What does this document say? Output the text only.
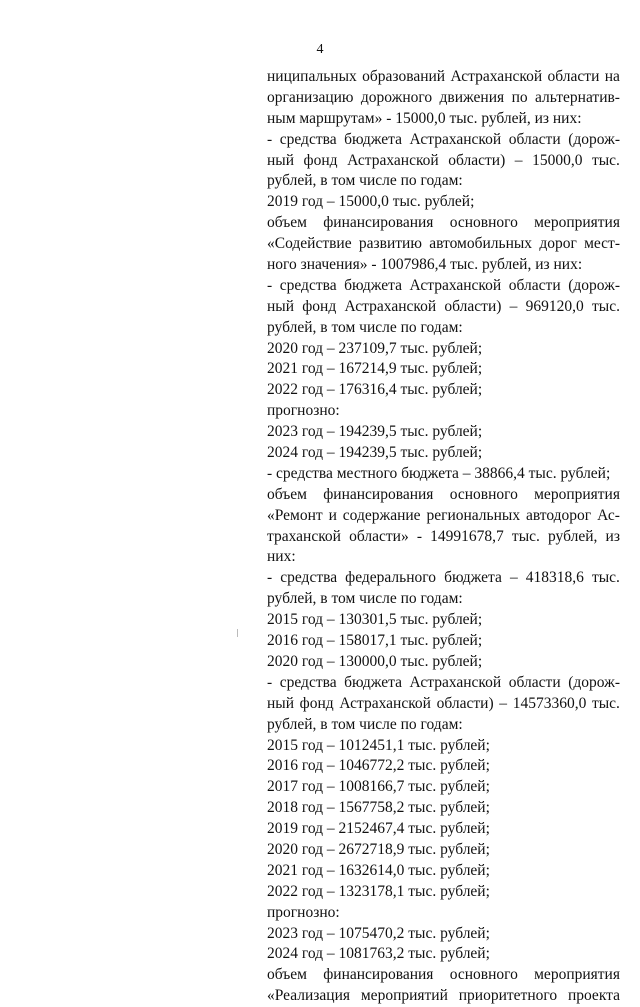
4
ниципальных образований Астраханской области на
организацию дорожного движения по альтернатив-
ным маршрутам» - 15000,0 тыс. рублей, из них:
- средства бюджета Астраханской области (дорож-
ный фонд Астраханской области) – 15000,0 тыс.
рублей, в том числе по годам:
2019 год – 15000,0 тыс. рублей;
объем финансирования основного мероприятия
«Содействие развитию автомобильных дорог мест-
ного значения» - 1007986,4 тыс. рублей, из них:
- средства бюджета Астраханской области (дорож-
ный фонд Астраханской области) – 969120,0 тыс.
рублей, в том числе по годам:
2020 год – 237109,7 тыс. рублей;
2021 год – 167214,9 тыс. рублей;
2022 год – 176316,4 тыс. рублей;
прогнозно:
2023 год – 194239,5 тыс. рублей;
2024 год – 194239,5 тыс. рублей;
- средства местного бюджета – 38866,4 тыс. рублей;
объем финансирования основного мероприятия
«Ремонт и содержание региональных автодорог Ас-
траханской области» - 14991678,7 тыс. рублей, из
них:
- средства федерального бюджета – 418318,6 тыс.
рублей, в том числе по годам:
2015 год – 130301,5 тыс. рублей;
2016 год – 158017,1 тыс. рублей;
2020 год – 130000,0 тыс. рублей;
- средства бюджета Астраханской области (дорож-
ный фонд Астраханской области) – 14573360,0 тыс.
рублей, в том числе по годам:
2015 год – 1012451,1 тыс. рублей;
2016 год – 1046772,2 тыс. рублей;
2017 год – 1008166,7 тыс. рублей;
2018 год – 1567758,2 тыс. рублей;
2019 год – 2152467,4 тыс. рублей;
2020 год – 2672718,9 тыс. рублей;
2021 год – 1632614,0 тыс. рублей;
2022 год – 1323178,1 тыс. рублей;
прогнозно:
2023 год – 1075470,2 тыс. рублей;
2024 год – 1081763,2 тыс. рублей;
объем финансирования основного мероприятия
«Реализация мероприятий приоритетного проекта
